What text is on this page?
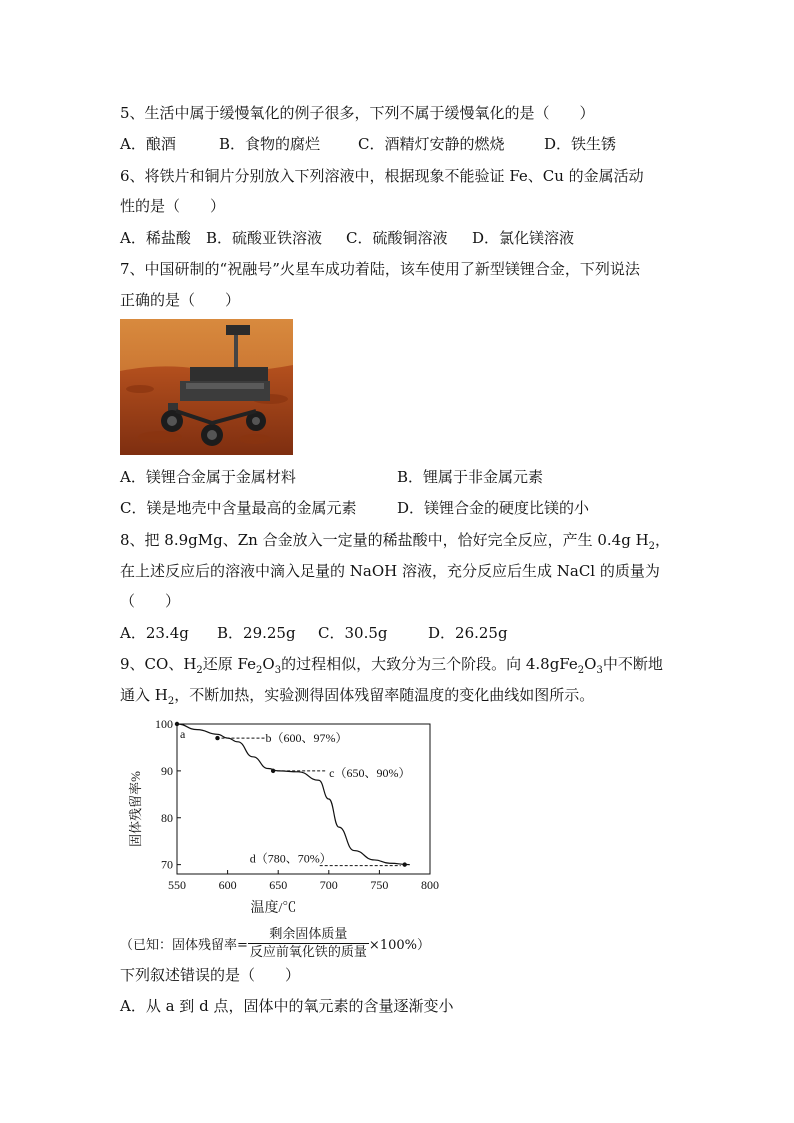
5、生活中属于缓慢氧化的例子很多，下列不属于缓慢氧化的是（　　）
A．酿酒	B．食物的腐烂	C．酒精灯安静的燃烧	D．铁生锈
6、将铁片和铜片分别放入下列溶液中，根据现象不能验证 Fe、Cu 的金属活动
性的是（　　）
A．稀盐酸 B．硫酸亚铁溶液 C．硫酸铜溶液 D．氯化镁溶液
7、中国研制的“祝融号”火星车成功着陆，该车使用了新型镁锂合金，下列说法
正确的是（　　）
A．镁锂合金属于金属材料	B．锂属于非金属元素
C．镁是地壳中含量最高的金属元素	D．镁锂合金的硬度比镁的小
8、把 8.9gMg、Zn 合金放入一定量的稀盐酸中，恰好完全反应，产生 0.4g $H_2$，
在上述反应后的溶液中滴入足量的 NaOH 溶液，充分反应后生成 NaCl 的质量为
（　　）
A．23.4g B．29.25g C．30.5g	D．26.25g
9、CO、$H_2$还原 $Fe_2O_3$的过程相似，大致分为三个阶段。向 $4.8gFe_2O_3$中不断地
通入 $H_2$，不断加热，实验测得固体残留率随温度的变化曲线如图所示。
550	600	650	700	750	800
70
80
90
100
温度/℃
固体残留率%
a	b（600、97%）
c（650、90%）
d（780、70%）
（已知：固体残留率= $\frac{\text{剩余固体质量}}{\text{反应前氧化铁的质量}} \times 100\%$）
下列叙述错误的是（　　）
A．从 a 到 d 点，固体中的氧元素的含量逐渐变小
